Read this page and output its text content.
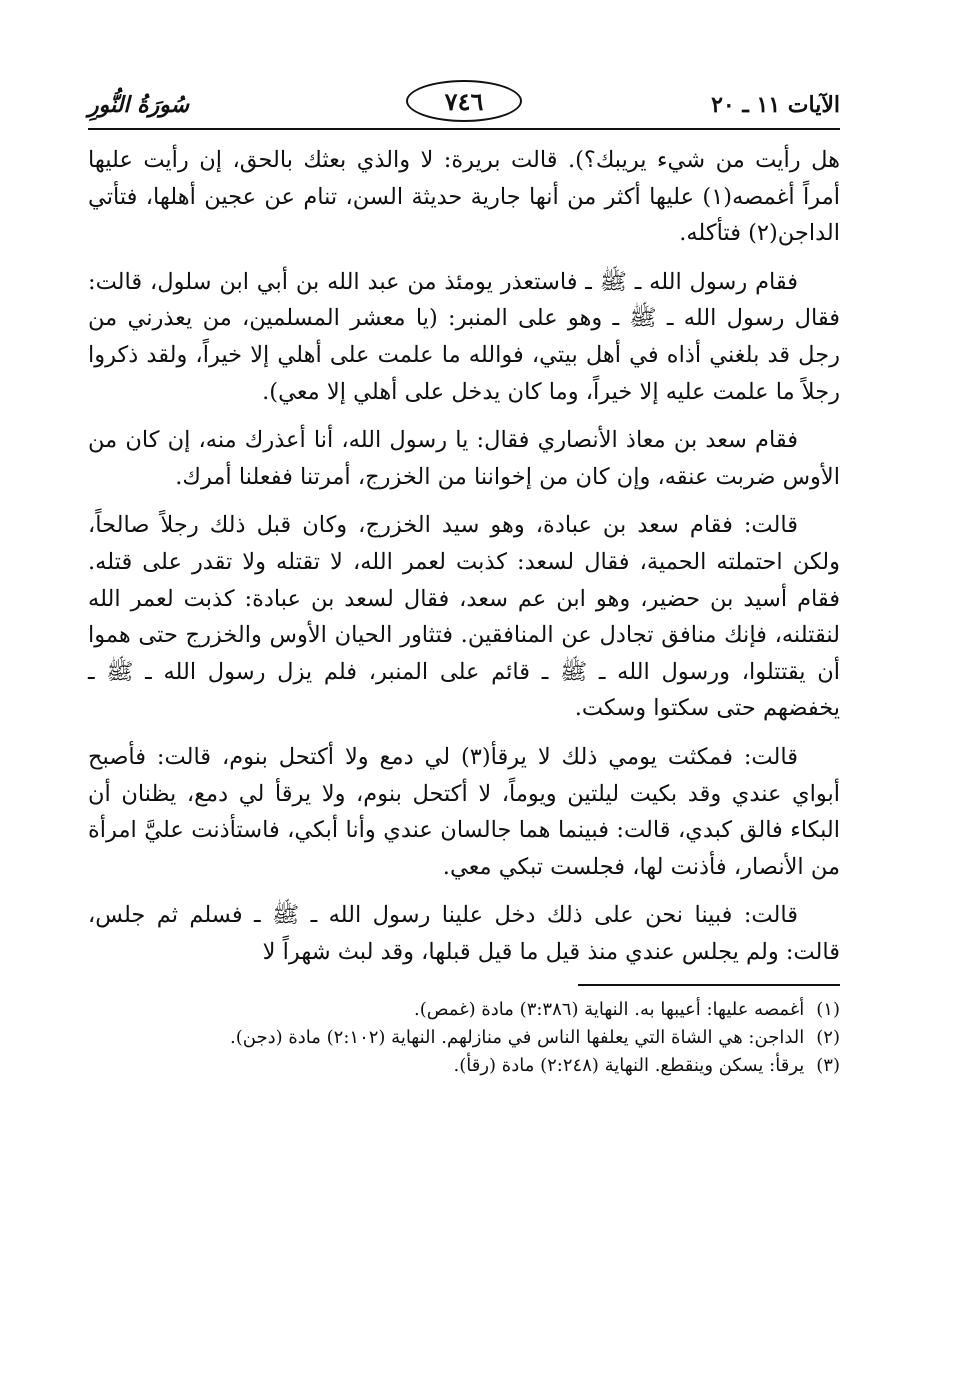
الآيات ١١ ـ ٢٠
٧٤٦
سُورَةُ النُّورِ

هل رأيت من شيء يريبك؟). قالت بريرة: لا والذي بعثك بالحق، إن رأيت عليها أمراً أغمصه(١) عليها أكثر من أنها جارية حديثة السن، تنام عن عجين أهلها، فتأتي الداجن(٢) فتأكله.

فقام رسول الله ـ ﷺ ـ فاستعذر يومئذ من عبد الله بن أبي ابن سلول، قالت: فقال رسول الله ـ ﷺ ـ وهو على المنبر: (يا معشر المسلمين، من يعذرني من رجل قد بلغني أذاه في أهل بيتي، فوالله ما علمت على أهلي إلا خيراً، ولقد ذكروا رجلاً ما علمت عليه إلا خيراً، وما كان يدخل على أهلي إلا معي).

فقام سعد بن معاذ الأنصاري فقال: يا رسول الله، أنا أعذرك منه، إن كان من الأوس ضربت عنقه، وإن كان من إخواننا من الخزرج، أمرتنا ففعلنا أمرك.

قالت: فقام سعد بن عبادة، وهو سيد الخزرج، وكان قبل ذلك رجلاً صالحاً، ولكن احتملته الحمية، فقال لسعد: كذبت لعمر الله، لا تقتله ولا تقدر على قتله. فقام أسيد بن حضير، وهو ابن عم سعد، فقال لسعد بن عبادة: كذبت لعمر الله لنقتلنه، فإنك منافق تجادل عن المنافقين. فتثاور الحيان الأوس والخزرج حتى هموا أن يقتتلوا، ورسول الله ـ ﷺ ـ قائم على المنبر، فلم يزل رسول الله ـ ﷺ ـ يخفضهم حتى سكتوا وسكت.

قالت: فمكثت يومي ذلك لا يرقأ(٣) لي دمع ولا أكتحل بنوم، قالت: فأصبح أبواي عندي وقد بكيت ليلتين ويوماً، لا أكتحل بنوم، ولا يرقأ لي دمع، يظنان أن البكاء فالق كبدي، قالت: فبينما هما جالسان عندي وأنا أبكي، فاستأذنت عليَّ امرأة من الأنصار، فأذنت لها، فجلست تبكي معي.

قالت: فبينا نحن على ذلك دخل علينا رسول الله ـ ﷺ ـ فسلم ثم جلس، قالت: ولم يجلس عندي منذ قيل ما قيل قبلها، وقد لبث شهراً لا

(١)
أغمصه عليها: أعيبها به. النهاية (٣:٣٨٦) مادة (غمص).
(٢)
الداجن: هي الشاة التي يعلفها الناس في منازلهم. النهاية (٢:١٠٢) مادة (دجن).
(٣)
يرقأ: يسكن وينقطع. النهاية (٢:٢٤٨) مادة (رقأ).
